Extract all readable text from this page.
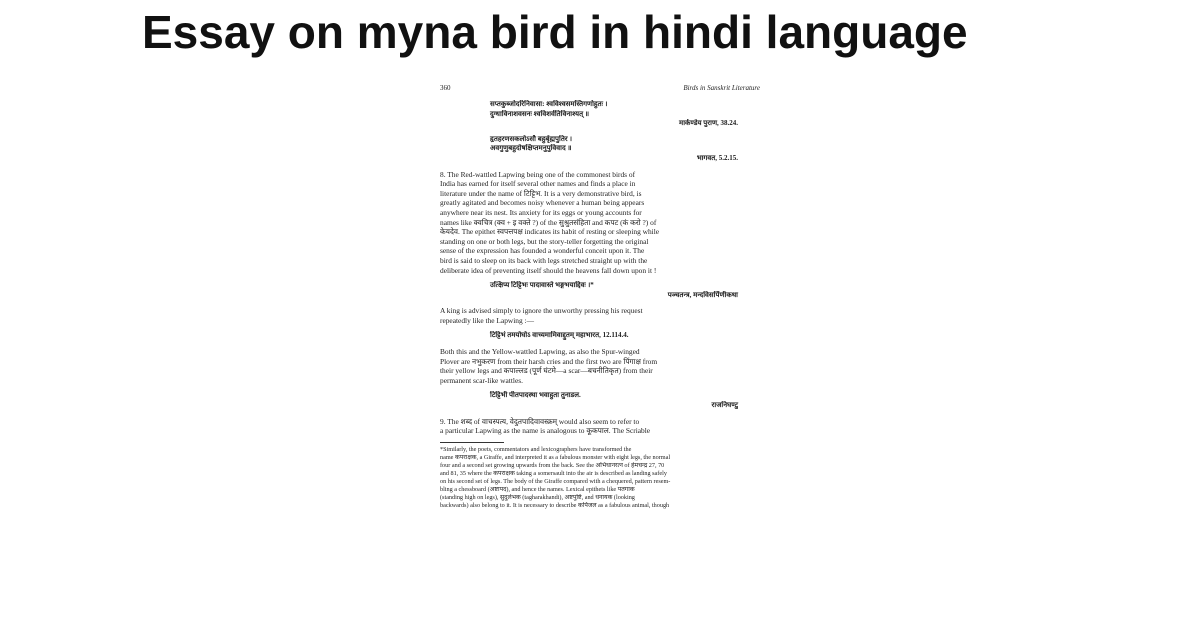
Essay on myna bird in hindi language
360	Birds in Sanskrit Literature
सप्तकुब्जोदरिनिवासा: श्वविश्वसमस्तिगणोहुतः ।
दुग्धाविनाशवसनः श्वविशर्वतिविनाश्यत् ॥
मार्कण्डेय पुराण, 38.24.
हृतहरणसकलोऽसौ बहुर्बृह्मपुतिर ।
अवगुणुबहुदोषक्षिप्तमनुपुविवाद ॥
भागवत, 5.2.15.
8. The Red-wattled Lapwing being one of the commonest birds of
India has earned for itself several other names and finds a place in
literature under the name of टिट्टिभ. It is a very demonstrative bird, is
greatly agitated and becomes noisy whenever a human being appears
anywhere near its nest. Its anxiety for its eggs or young accounts for
names like क्वचित्र (क्व + इ वक्ते ?) of the सुश्रुतसंहिता and कपट (कं करो ?) of
केयदेव. The epithet स्वपत्तपक्ष indicates its habit of resting or sleeping while
standing on one or both legs, but the story-teller forgetting the original
sense of the expression has founded a wonderful conceit upon it. The
bird is said to sleep on its back with legs stretched straight up with the
deliberate idea of preventing itself should the heavens fall down upon it !
उत्क्षिप्य टिट्टिभः पादावास्ते भङ्गभयाद्दिवः ।*
पञ्चतन्त्र, मन्दविसर्पिणीकथा
A king is advised simply to ignore the unworthy pressing his request
repeatedly like the Lapwing :—
टिट्टिभं तमयोघोऽ वाच्यमामिवाद्दुतम् महाभारत, 12.114.4.
Both this and the Yellow-wattled Lapwing, as also the Spur-winged
Plover are नभुकरण from their harsh cries and the first two are पिंगाक्ष from
their yellow legs and कपाल्लड (पूर्ण घंटमे—a scar—बचनीतिकृत) from their
permanent scar-like wattles.
टिट्टिभी पीतपादस्था भवाहुता तुनाडल.
राजनिघण्टु
9. The शब्द of वाचस्पत्य, वेदुतपादिवावस्क्रम् would also seem to refer to
a particular Lapwing as the name is analogous to कूकपाल. The Scriable
*Similarly, the poets, commentators and lexicographers have transformed the
name कपराक्षक, a Giraffe, and interpreted it as a fabulous monster with eight legs, the normal
four and a second set growing upwards from the back. See the अभिधानरत्न of हेमचन्द्र 27, 70
and 81, 35 where the कपराक्षक taking a somersault into the air is described as landing safely
on his second set of legs. The body of the Giraffe compared with a chequered, pattern resem-
bling a chessboard (अष्टापद), and hence the names. Lexical epithets like पतगाक
(standing high on legs), सुदुर्लभक (tagharakhandi), अष्टपुष्टि, and धनायक (looking
backwards) also belong to it. It is necessary to describe कपिंजल as a fabulous animal, though
